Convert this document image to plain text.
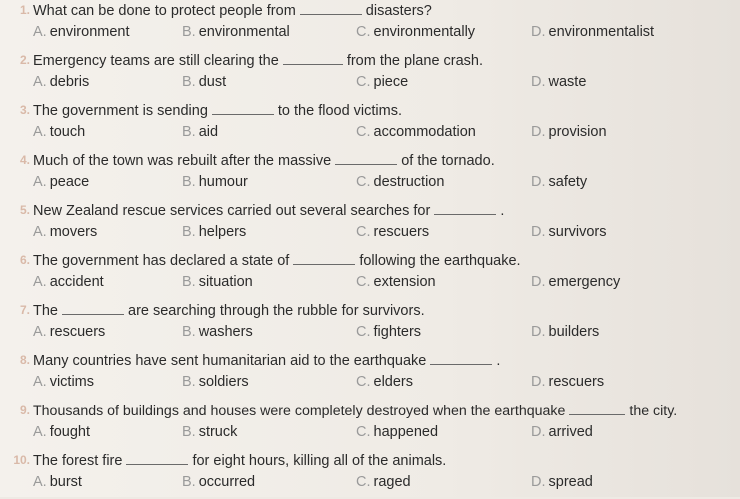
1. What can be done to protect people from	disasters?
A. environment	B. environmental	C. environmentally	D. environmentalist
2. Emergency teams are still clearing the	from the plane crash.
A. debris	B. dust	C. piece	D. waste
3. The government is sending	to the flood victims.
A. touch	B. aid	C. accommodation	D. provision
4. Much of the town was rebuilt after the massive	of the tornado.
A. peace	B. humour	C. destruction	D. safety
5. New Zealand rescue services carried out several searches for	.
A. movers	B. helpers	C. rescuers	D. survivors
6. The government has declared a state of	following the earthquake.
A. accident	B. situation	C. extension	D. emergency
7. The	are searching through the rubble for survivors.
A. rescuers	B. washers	C. fighters	D. builders
8. Many countries have sent humanitarian aid to the earthquake	.
A. victims	B. soldiers	C. elders	D. rescuers
9. Thousands of buildings and houses were completely destroyed when the earthquake	the city.
A. fought	B. struck	C. happened	D. arrived
10. The forest fire	for eight hours, killing all of the animals.
A. burst	B. occurred	C. raged	D. spread
